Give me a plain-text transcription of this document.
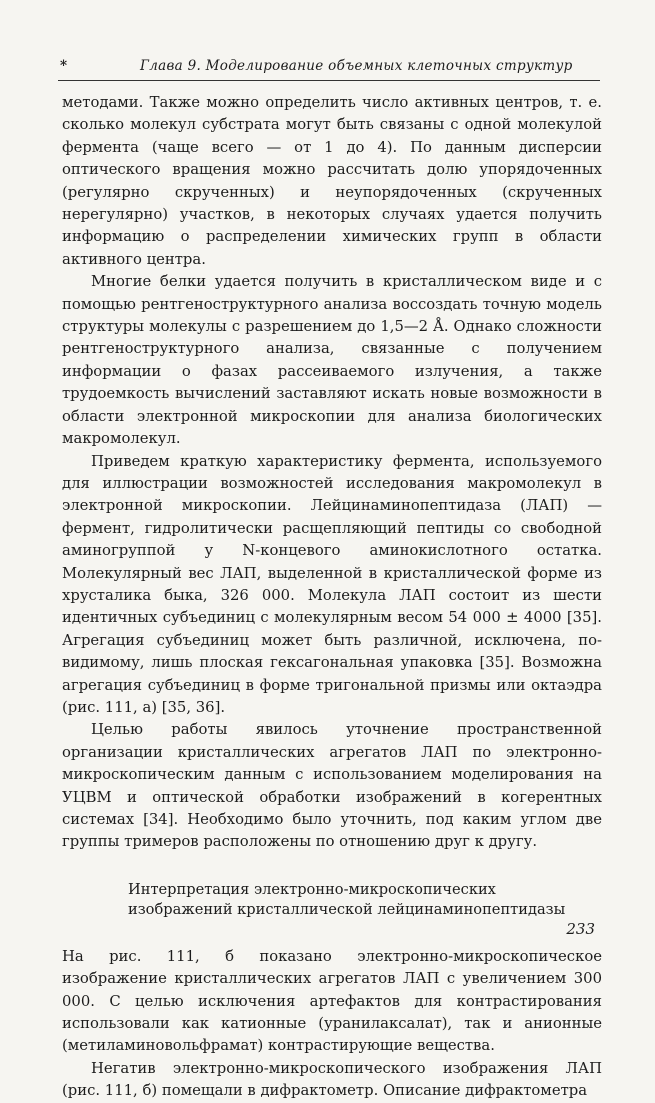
*	Глава 9. Моделирование объемных клеточных структур

методами. Также можно определить число активных центров, т. е. сколько молекул субстрата могут быть связаны с одной молекулой фермента (чаще всего — от 1 до 4). По данным дисперсии оптического вращения можно рассчитать долю упорядоченных (регулярно скрученных) и неупорядоченных (скрученных нерегулярно) участков, в некоторых случаях удается получить информацию о распределении химических групп в области активного центра.

Многие белки удается получить в кристаллическом виде и с помощью рентгеноструктурного анализа воссоздать точную модель структуры молекулы с разрешением до 1,5—2 Å. Однако сложности рентгеноструктурного анализа, связанные с получением информации о фазах рассеиваемого излучения, а также трудоемкость вычислений заставляют искать новые возможности в области электронной микроскопии для анализа биологических макромолекул.

Приведем краткую характеристику фермента, используемого для иллюстрации возможностей исследования макромолекул в электронной микроскопии. Лейцинаминопептидаза (ЛАП) — фермент, гидролитически расщепляющий пептиды со свободной аминогруппой у N-концевого аминокислотного остатка. Молекулярный вес ЛАП, выделенной в кристаллической форме из хрусталика быка, 326 000. Молекула ЛАП состоит из шести идентичных субъединиц с молекулярным весом 54 000 ± 4000 [35]. Агрегация субъединиц может быть различной, исключена, по-видимому, лишь плоская гексагональная упаковка [35]. Возможна агрегация субъединиц в форме тригональной призмы или октаэдра (рис. 111, а) [35, 36].

Целью работы явилось уточнение пространственной организации кристаллических агрегатов ЛАП по электронно-микроскопическим данным с использованием моделирования на УЦВМ и оптической обработки изображений в когерентных системах [34]. Необходимо было уточнить, под каким углом две группы тримеров расположены по отношению друг к другу.

Интерпретация электронно-микроскопических изображений кристаллической лейцинаминопептидазы

На рис. 111, б показано электронно-микроскопическое изображение кристаллических агрегатов ЛАП с увеличением 300 000. С целью исключения артефактов для контрастирования использовали как катионные (уранилаксалат), так и анионные (метиламиновольфрамат) контрастирующие вещества.

Негатив электронно-микроскопического изображения ЛАП (рис. 111, б) помещали в дифрактометр. Описание дифрактометра

233
